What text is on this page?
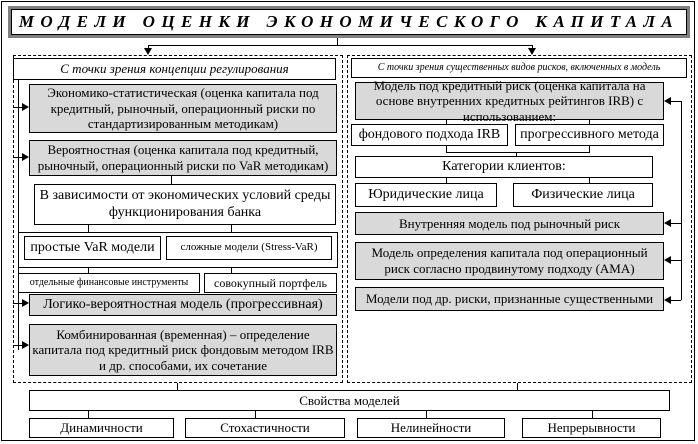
МОДЕЛИ ОЦЕНКИ ЭКОНОМИЧЕСКОГО КАПИТАЛА
С точки зрения концепции регулирования
Экономико-статистическая (оценка капитала под кредитный, рыночный, операционный риски по стандартизированным методикам)
Вероятностная (оценка капитала под кредитный, рыночный, операционный риски по VaR методикам)
В зависимости от экономических условий среды функционирования банка
простые VaR модели	сложные модели (Stress-VaR)
отдельные финансовые инструменты	совокупный портфель
Логико-вероятностная модель (прогрессивная)
Комбинированная (временная) – определение капитала под кредитный риск фондовым методом IRB и др. способами, их сочетание
С точки зрения существенных видов рисков, включенных в модель
Модель под кредитный риск (оценка капитала на основе внутренних кредитных рейтингов IRB) с использованием:
фондового подхода IRB	прогрессивного метода
Категории клиентов:
Юридические лица	Физические лица
Внутренняя модель под рыночный риск
Модель определения капитала под операционный риск согласно продвинутому подходу (АМА)
Модели под др. риски, признанные существенными
Свойства моделей
Динамичности	Стохастичности	Нелинейности	Непрерывности
